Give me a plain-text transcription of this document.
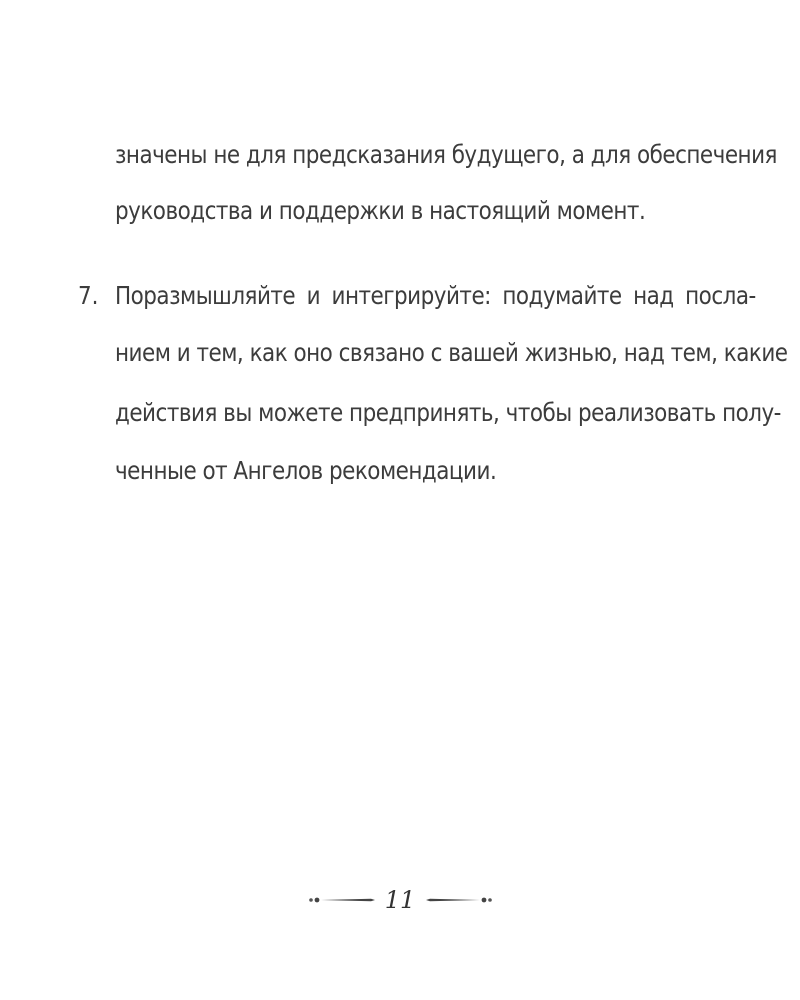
значены не для предсказания будущего, а для обеспечения
руководства и поддержки в настоящий момент.
7. Поразмышляйте и интегрируйте: подумайте над посла-
нием и тем, как оно связано с вашей жизнью, над тем, какие
действия вы можете предпринять, чтобы реализовать полу-
ченные от Ангелов рекомендации.
11
